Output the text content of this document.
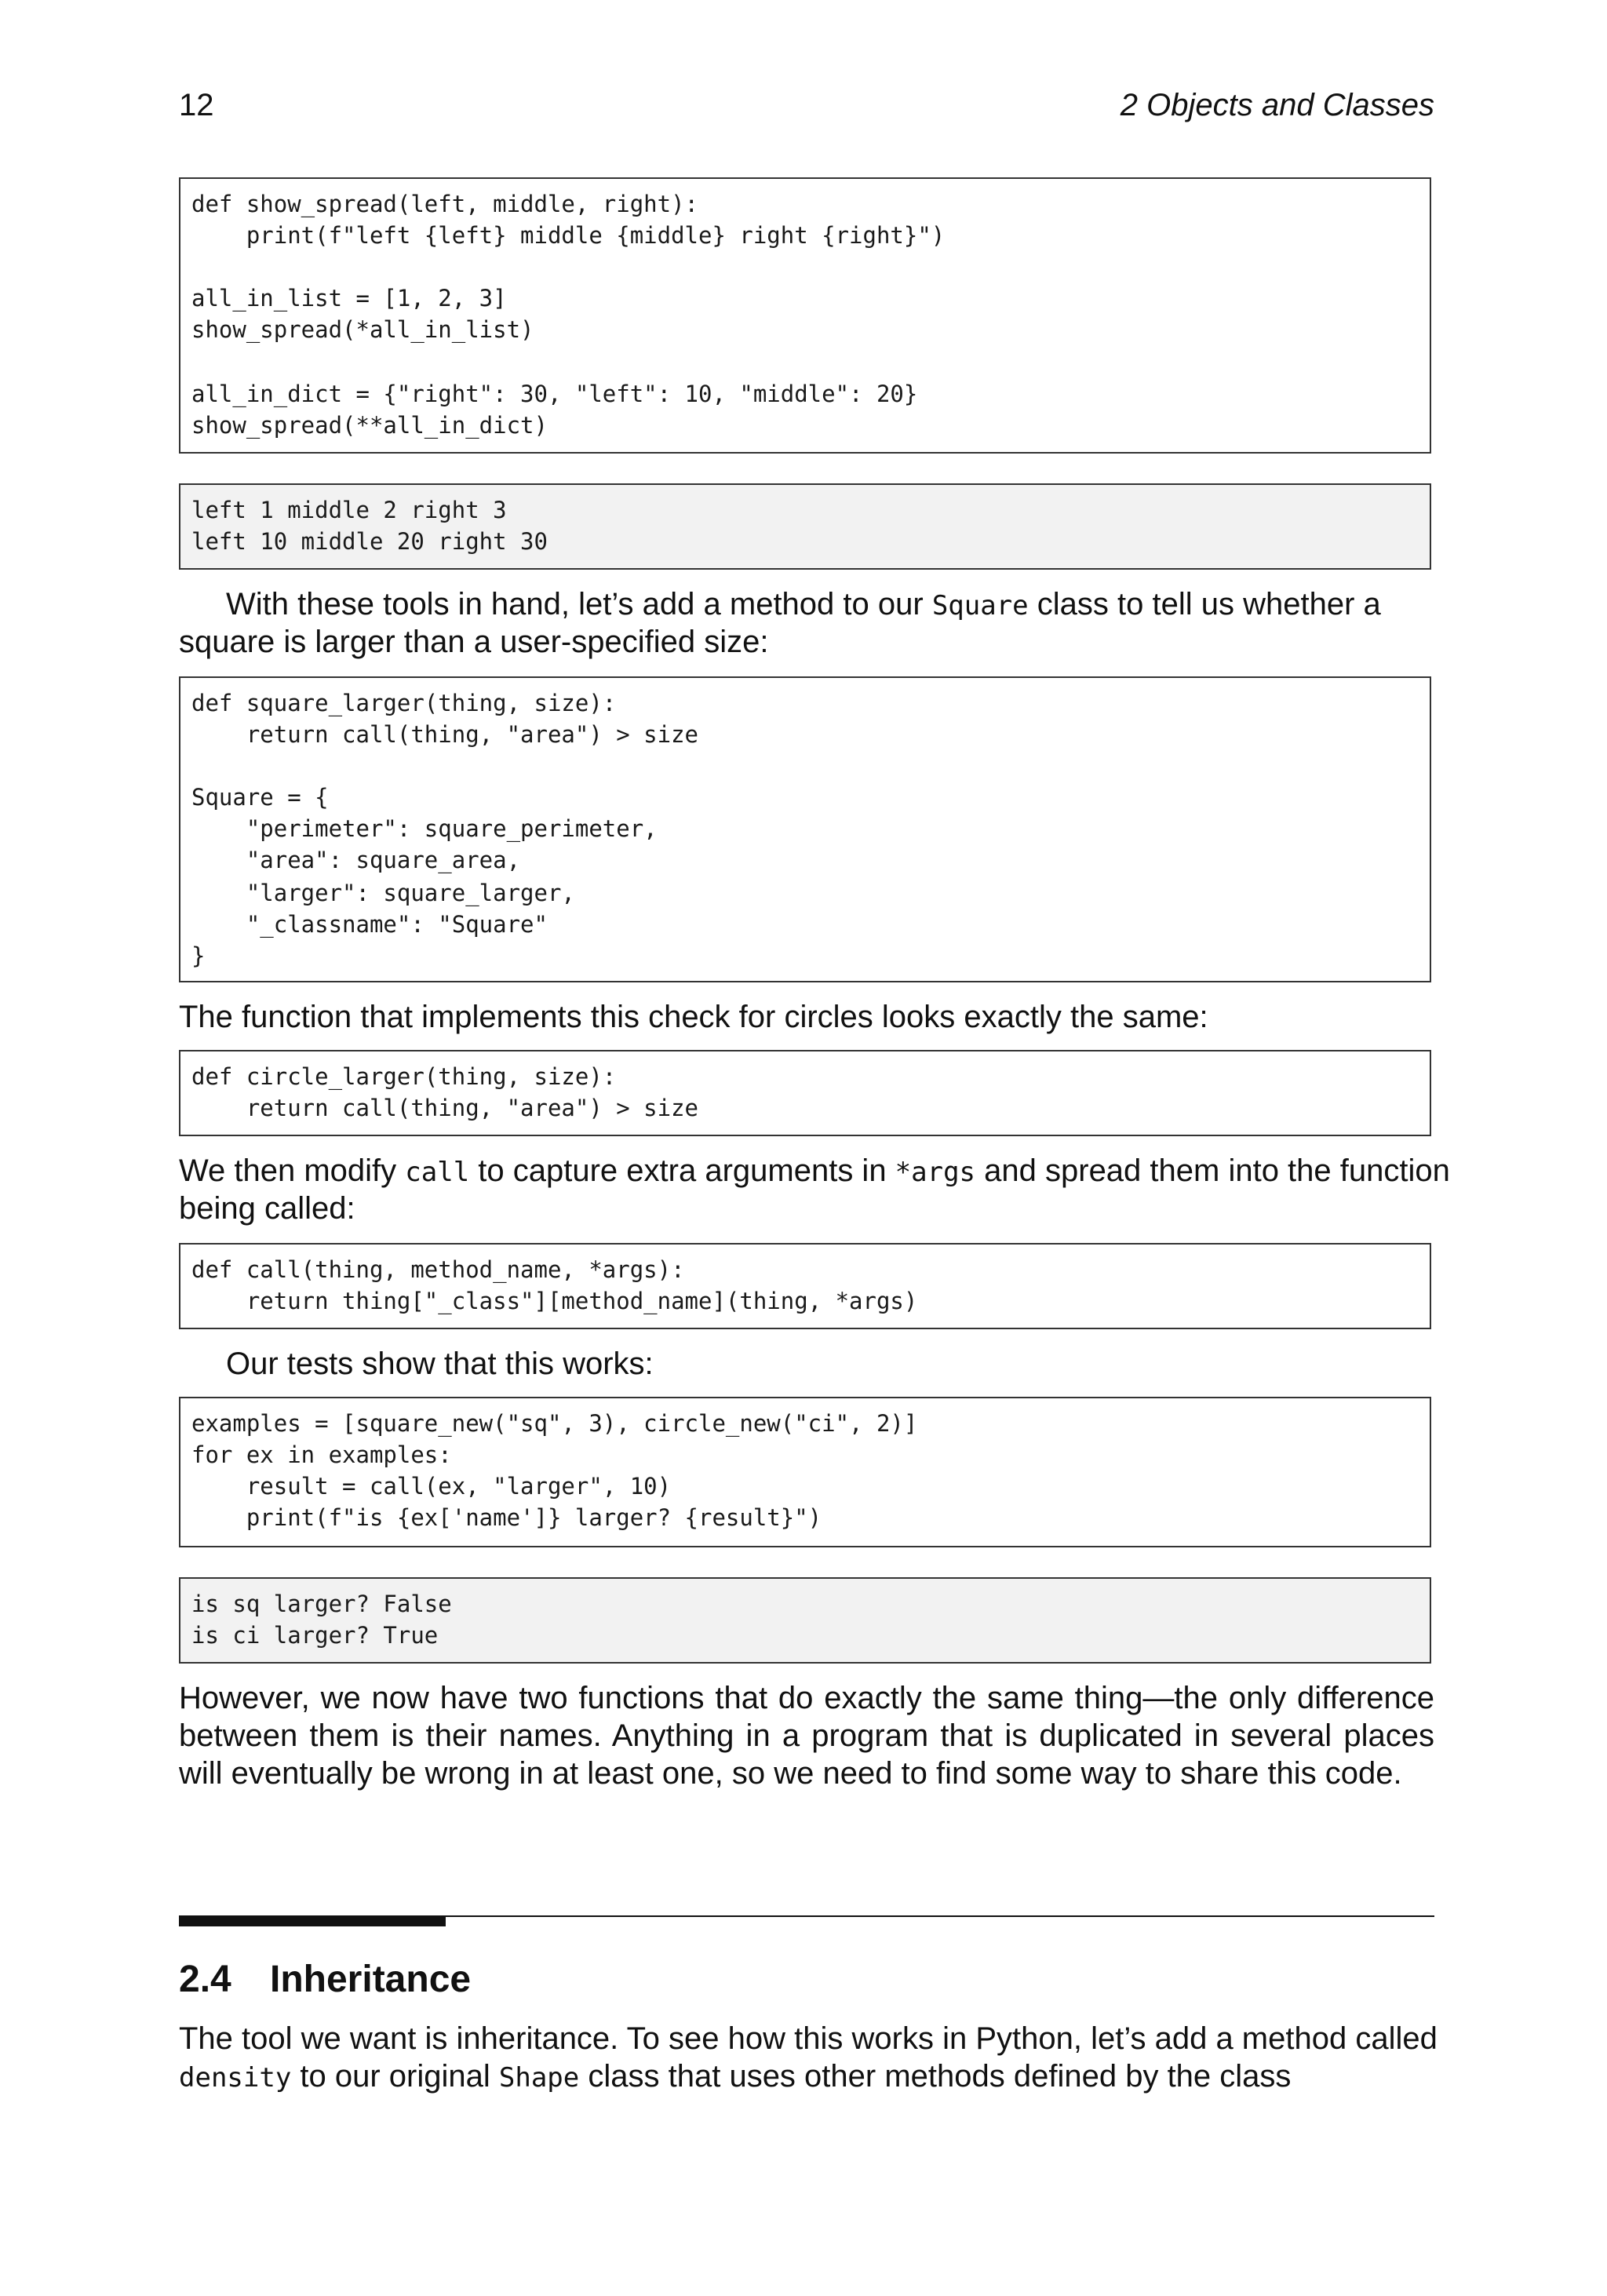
12	2 Objects and Classes
def show_spread(left, middle, right):
print(f"left {left} middle {middle} right {right}")
all_in_list = [1, 2, 3]
show_spread(*all_in_list)
all_in_dict = {"right": 30, "left": 10, "middle": 20}
show_spread(**all_in_dict)
left 1 middle 2 right 3
left 10 middle 20 right 30
With these tools in hand, let’s add a method to our Square class to tell us whether a
square is larger than a user-specified size:
def square_larger(thing, size):
return call(thing, "area") > size
Square = {
"perimeter": square_perimeter,
"area": square_area,
"larger": square_larger,
"_classname": "Square"
}
The function that implements this check for circles looks exactly the same:
def circle_larger(thing, size):
return call(thing, "area") > size
We then modify call to capture extra arguments in *args and spread them into the function
being called:
def call(thing, method_name, *args):
return thing["_class"][method_name](thing, *args)
Our tests show that this works:
examples = [square_new("sq", 3), circle_new("ci", 2)]
for ex in examples:
result = call(ex, "larger", 10)
print(f"is {ex['name']} larger? {result}")
is sq larger? False
is ci larger? True
However, we now have two functions that do exactly the same thing—the only difference
between them is their names. Anything in a program that is duplicated in several places
will eventually be wrong in at least one, so we need to find some way to share this code.
2.4 Inheritance
The tool we want is inheritance. To see how this works in Python, let’s add a method called
density to our original Shape class that uses other methods defined by the class
